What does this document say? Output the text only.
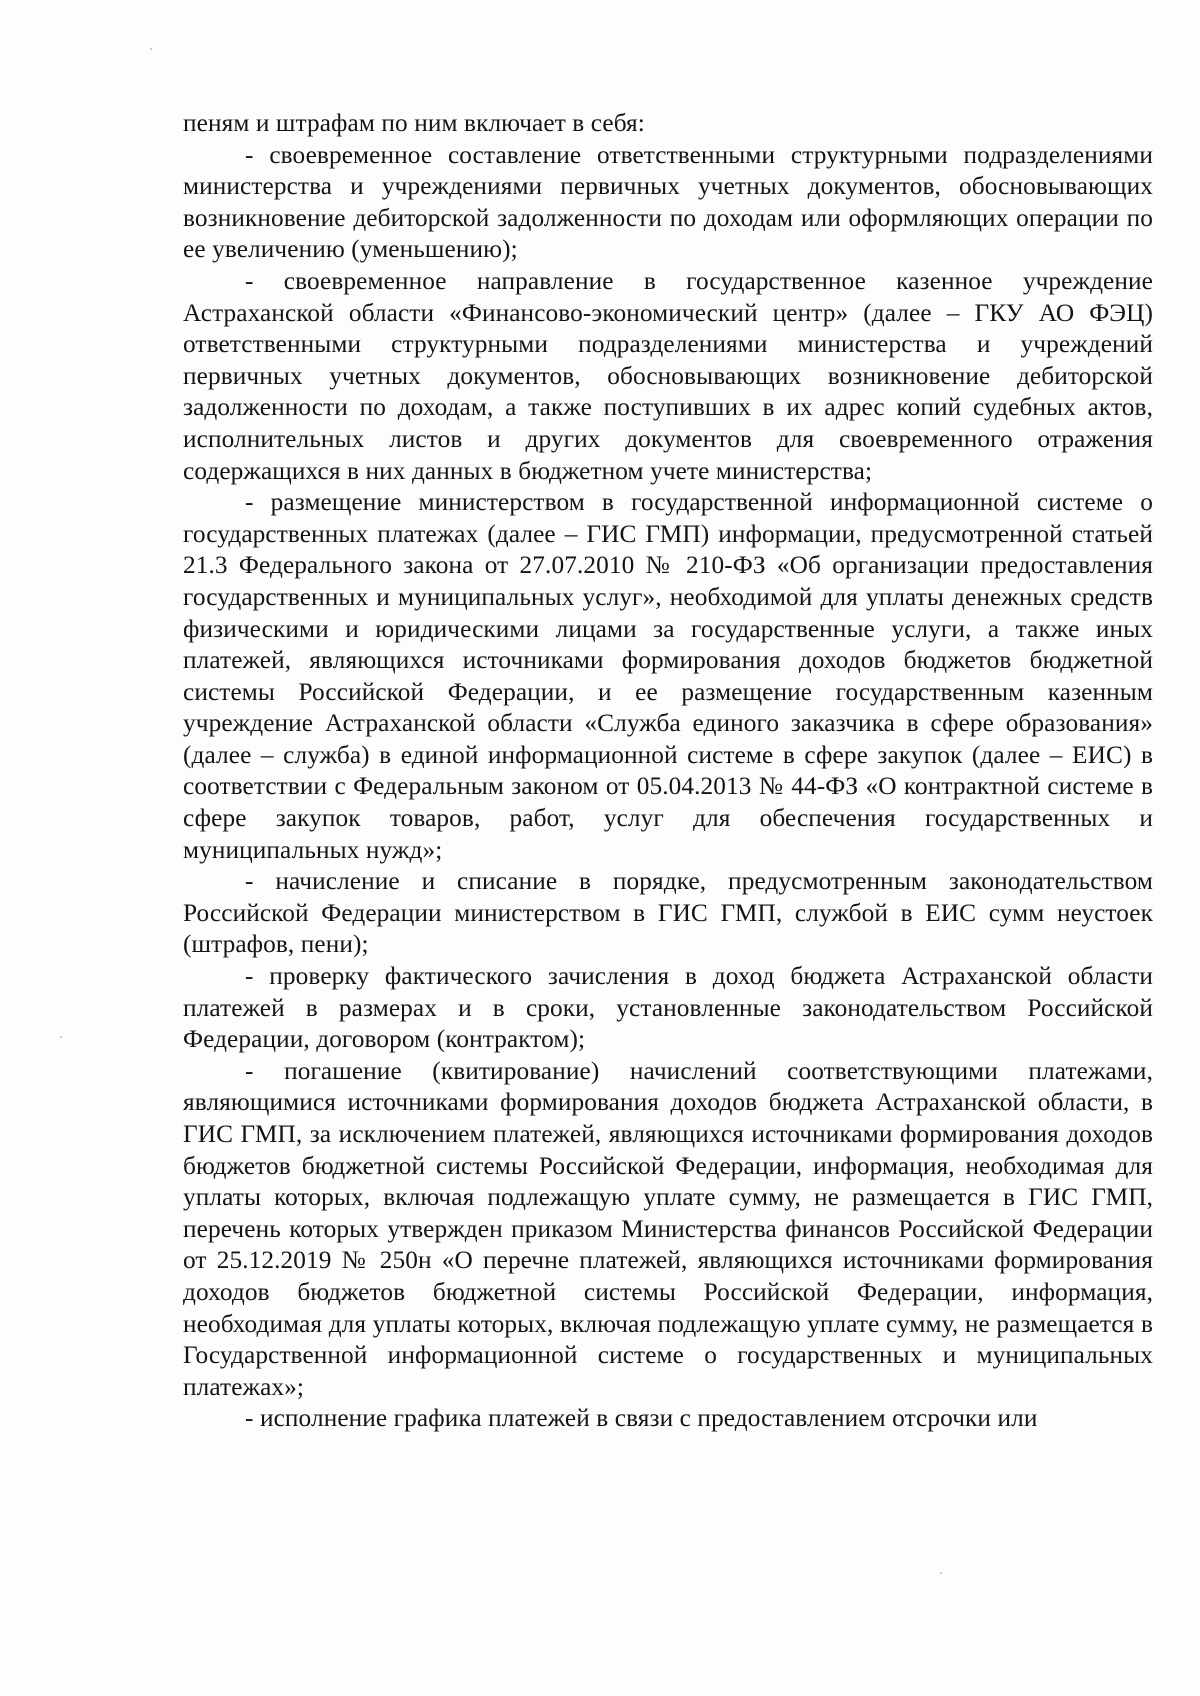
пеням и штрафам по ним включает в себя:

- своевременное составление ответственными структурными подразделениями министерства и учреждениями первичных учетных документов, обосновывающих возникновение дебиторской задолженности по доходам или оформляющих операции по ее увеличению (уменьшению);

- своевременное направление в государственное казенное учреждение Астраханской области «Финансово-экономический центр» (далее – ГКУ АО ФЭЦ) ответственными структурными подразделениями министерства и учреждений первичных учетных документов, обосновывающих возникновение дебиторской задолженности по доходам, а также поступивших в их адрес копий судебных актов, исполнительных листов и других документов для своевременного отражения содержащихся в них данных в бюджетном учете министерства;

- размещение министерством в государственной информационной системе о государственных платежах (далее – ГИС ГМП) информации, предусмотренной статьей 21.3 Федерального закона от 27.07.2010 № 210-ФЗ «Об организации предоставления государственных и муниципальных услуг», необходимой для уплаты денежных средств физическими и юридическими лицами за государственные услуги, а также иных платежей, являющихся источниками формирования доходов бюджетов бюджетной системы Российской Федерации, и ее размещение государственным казенным учреждение Астраханской области «Служба единого заказчика в сфере образования» (далее – служба) в единой информационной системе в сфере закупок (далее – ЕИС) в соответствии с Федеральным законом от 05.04.2013 № 44-ФЗ «О контрактной системе в сфере закупок товаров, работ, услуг для обеспечения государственных и муниципальных нужд»;

- начисление и списание в порядке, предусмотренным законодательством Российской Федерации министерством в ГИС ГМП, службой в ЕИС сумм неустоек (штрафов, пени);

- проверку фактического зачисления в доход бюджета Астраханской области платежей в размерах и в сроки, установленные законодательством Российской Федерации, договором (контрактом);

- погашение (квитирование) начислений соответствующими платежами, являющимися источниками формирования доходов бюджета Астраханской области, в ГИС ГМП, за исключением платежей, являющихся источниками формирования доходов бюджетов бюджетной системы Российской Федерации, информация, необходимая для уплаты которых, включая подлежащую уплате сумму, не размещается в ГИС ГМП, перечень которых утвержден приказом Министерства финансов Российской Федерации от 25.12.2019 № 250н «О перечне платежей, являющихся источниками формирования доходов бюджетов бюджетной системы Российской Федерации, информация, необходимая для уплаты которых, включая подлежащую уплате сумму, не размещается в Государственной информационной системе о государственных и муниципальных платежах»;

- исполнение графика платежей в связи с предоставлением отсрочки или
